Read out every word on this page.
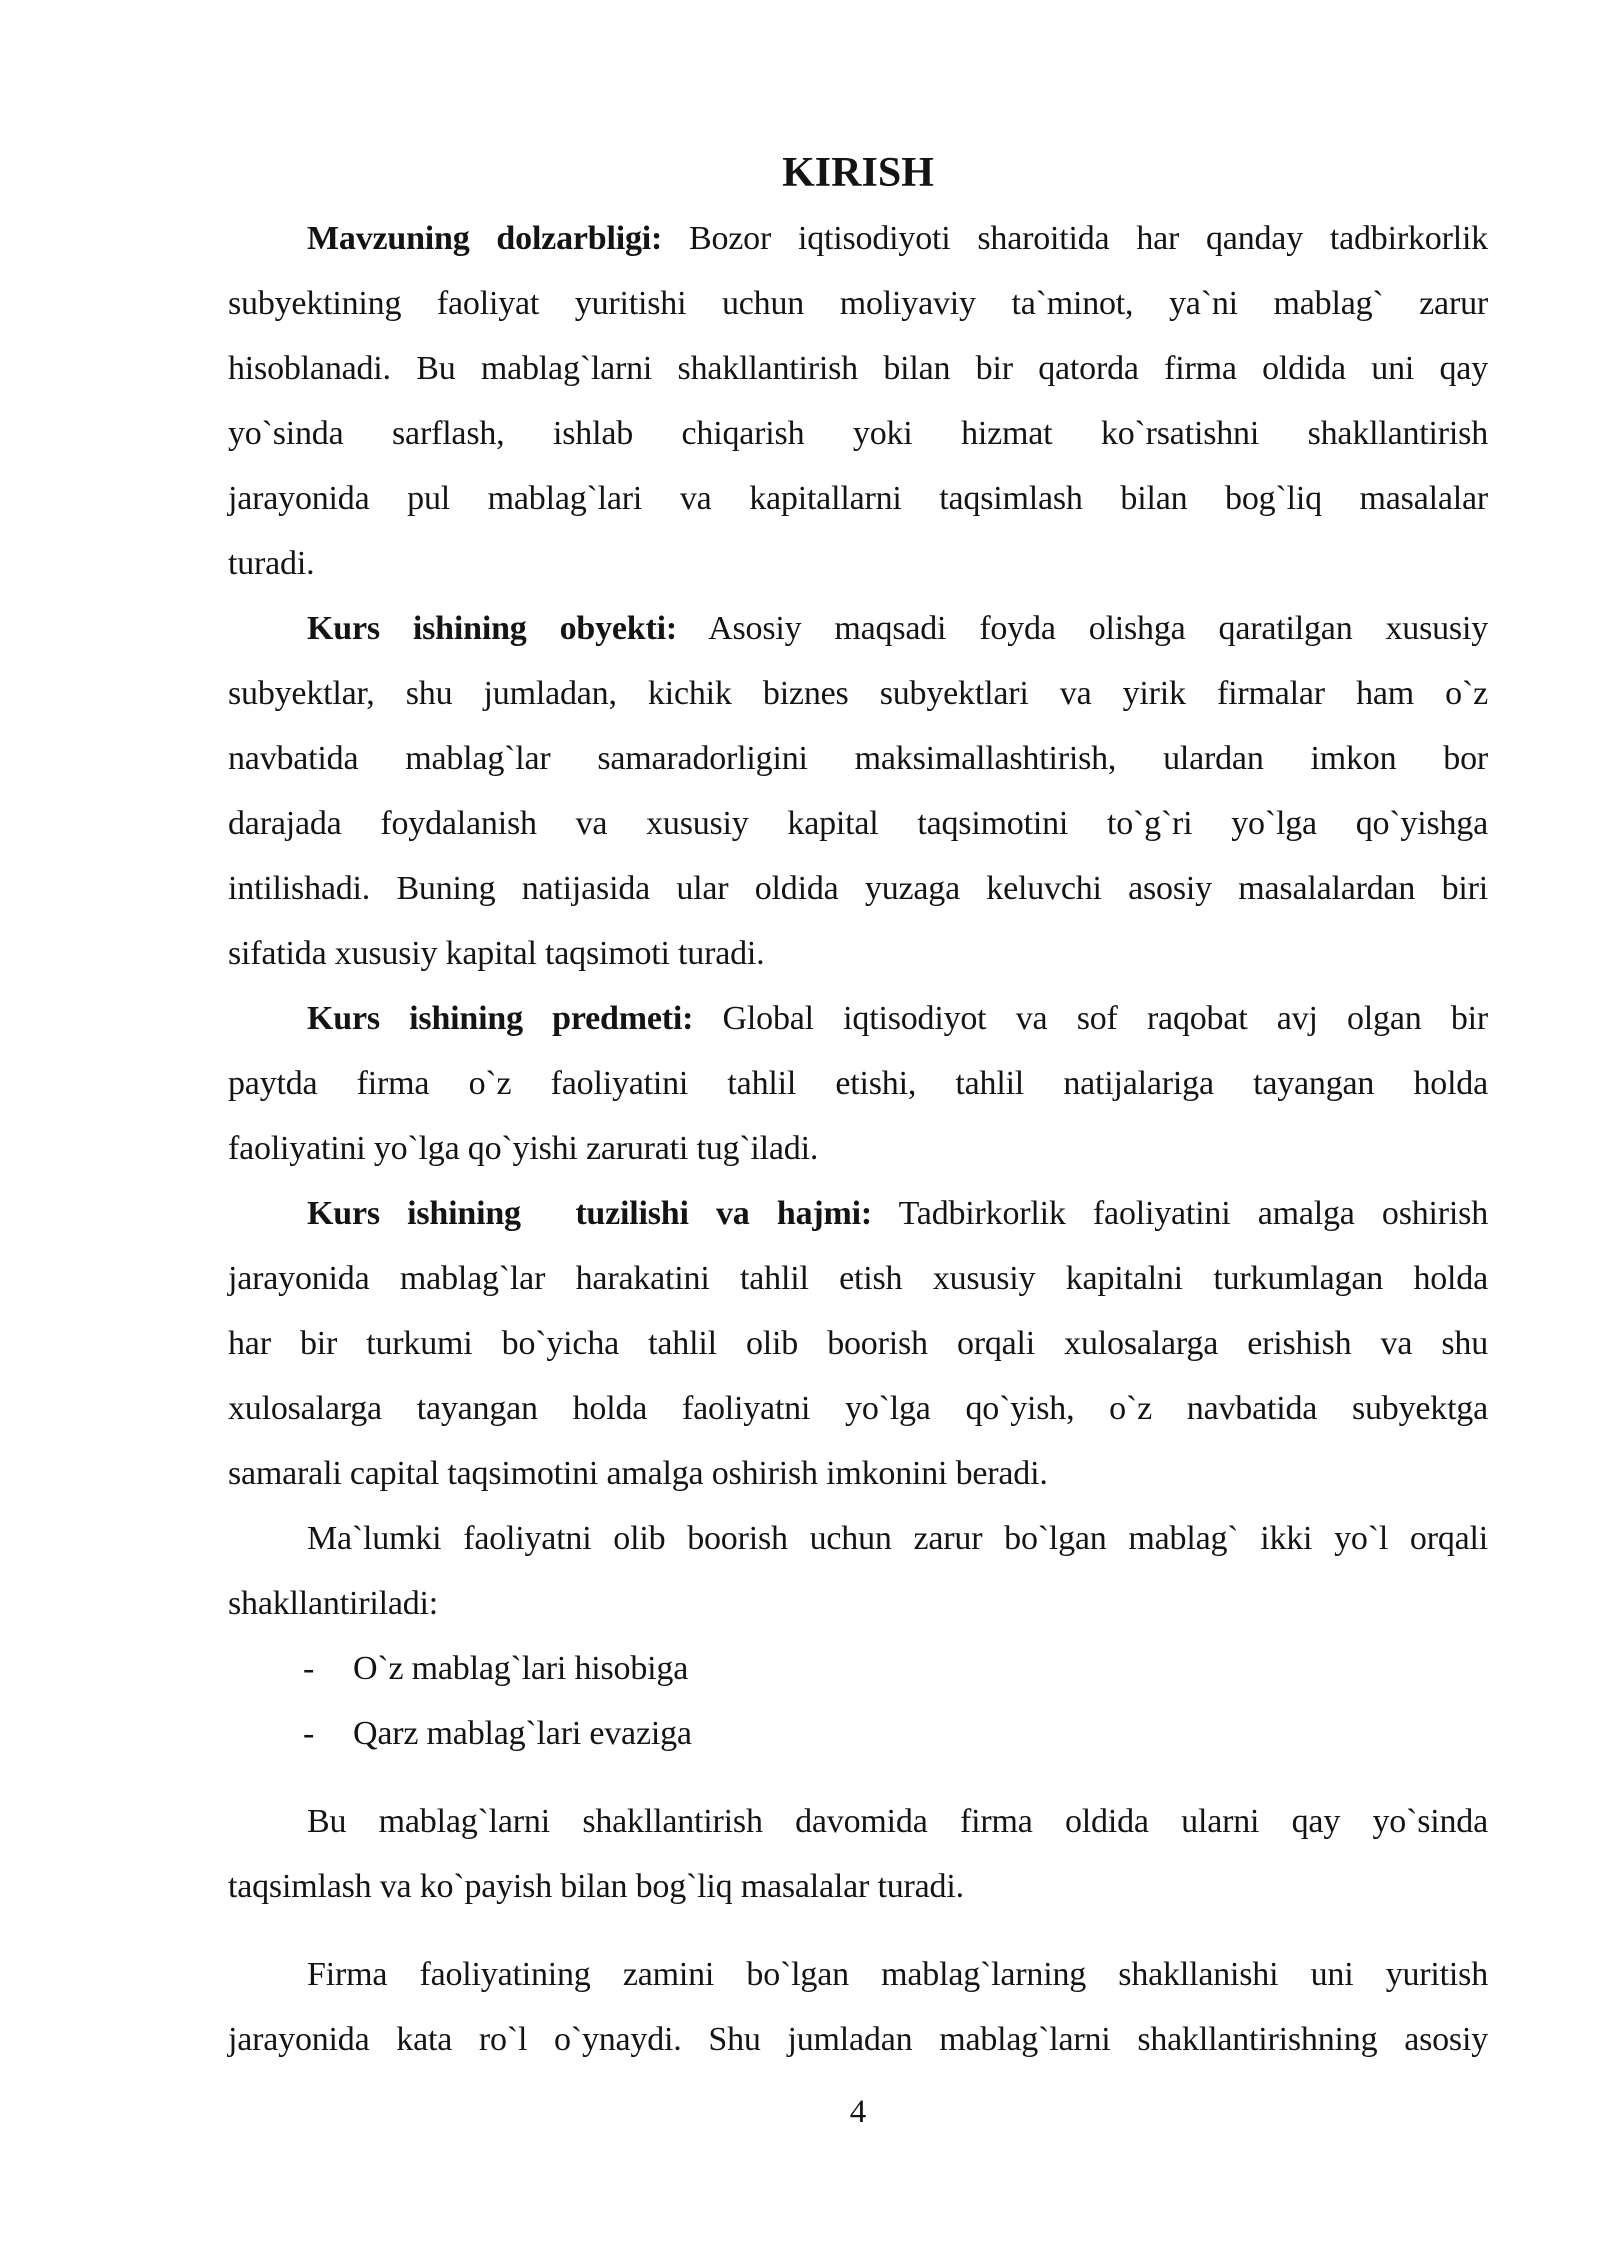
KIRISH
Mavzuning dolzarbligi: Bozor iqtisodiyoti sharoitida har qanday tadbirkorlik
subyektining faoliyat yuritishi uchun moliyaviy ta`minot, ya`ni mablag` zarur
hisoblanadi. Bu mablag`larni shakllantirish bilan bir qatorda firma oldida uni qay
yo`sinda sarflash, ishlab chiqarish yoki hizmat ko`rsatishni shakllantirish
jarayonida pul mablag`lari va kapitallarni taqsimlash bilan bog`liq masalalar
turadi.
Kurs ishining obyekti: Asosiy maqsadi foyda olishga qaratilgan xususiy
subyektlar, shu jumladan, kichik biznes subyektlari va yirik firmalar ham o`z
navbatida mablag`lar samaradorligini maksimallashtirish, ulardan imkon bor
darajada foydalanish va xususiy kapital taqsimotini to`g`ri yo`lga qo`yishga
intilishadi. Buning natijasida ular oldida yuzaga keluvchi asosiy masalalardan biri
sifatida xususiy kapital taqsimoti turadi.
Kurs ishining predmeti: Global iqtisodiyot va sof raqobat avj olgan bir
paytda firma o`z faoliyatini tahlil etishi, tahlil natijalariga tayangan holda
faoliyatini yo`lga qo`yishi zarurati tug`iladi.
Kurs ishining  tuzilishi va hajmi: Tadbirkorlik faoliyatini amalga oshirish
jarayonida mablag`lar harakatini tahlil etish xususiy kapitalni turkumlagan holda
har bir turkumi bo`yicha tahlil olib boorish orqali xulosalarga erishish va shu
xulosalarga tayangan holda faoliyatni yo`lga qo`yish, o`z navbatida subyektga
samarali capital taqsimotini amalga oshirish imkonini beradi.
Ma`lumki faoliyatni olib boorish uchun zarur bo`lgan mablag` ikki yo`l orqali
shakllantiriladi:
- O`z mablag`lari hisobiga
- Qarz mablag`lari evaziga
Bu mablag`larni shakllantirish davomida firma oldida ularni qay yo`sinda
taqsimlash va ko`payish bilan bog`liq masalalar turadi.
Firma faoliyatining zamini bo`lgan mablag`larning shakllanishi uni yuritish
jarayonida kata ro`l o`ynaydi. Shu jumladan mablag`larni shakllantirishning asosiy
4
